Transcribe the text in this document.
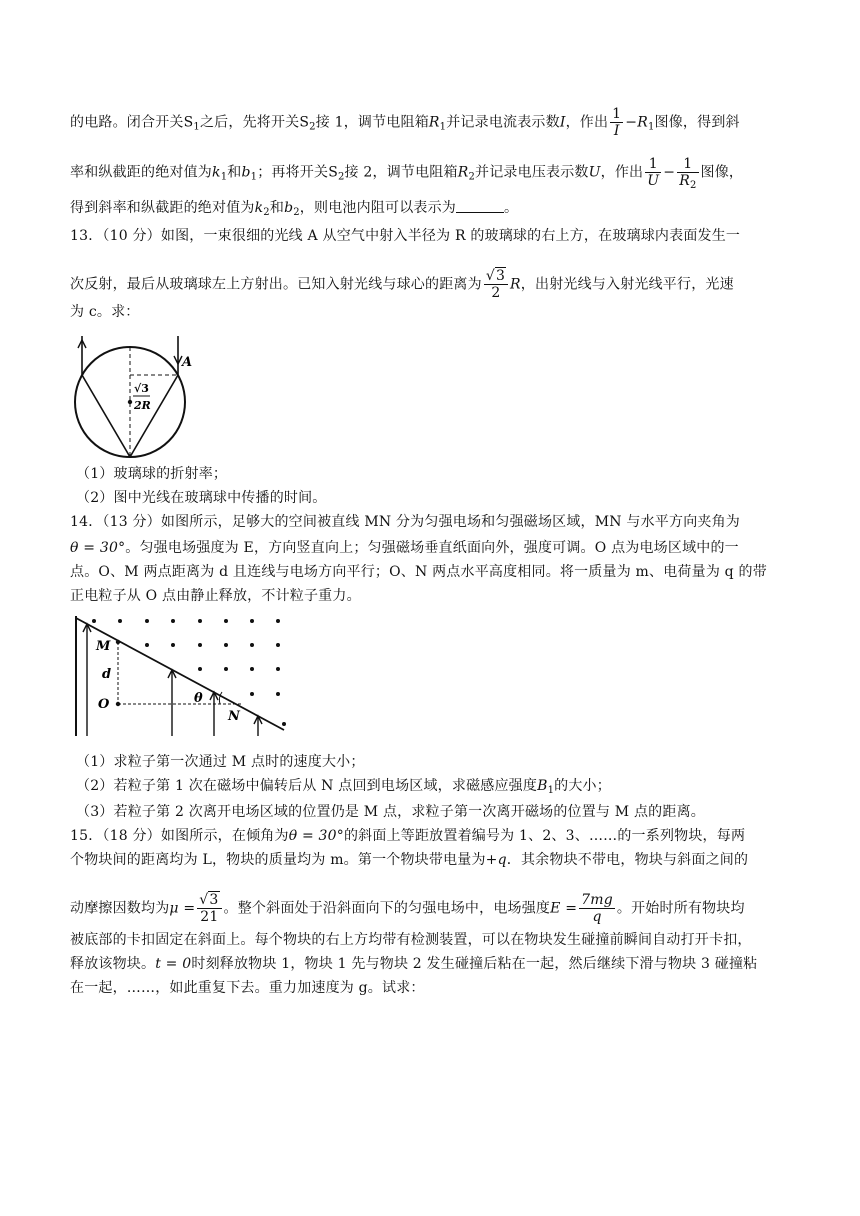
的电路。闭合开关$S_1$之后，先将开关$S_2$接 1，调节电阻箱$R_1$并记录电流表示数I，作出 $\frac{1}{I} -R_1$图像，得到斜
率和纵截距的绝对值为$k_1$和$b_1$；再将开关$S_2$接 2，调节电阻箱$R_2$并记录电压表示数U，作出 $\frac{1}{U} - \frac{1}{R_2}$ 图像，
得到斜率和纵截距的绝对值为$k_2$和$b_2$，则电池内阻可以表示为	。
13．（10 分）如图，一束很细的光线 A 从空气中射入半径为 R 的玻璃球的右上方，在玻璃球内表面发生一
次反射，最后从玻璃球左上方射出。已知入射光线与球心的距离为 $\frac{√3}{2}$ R，出射光线与入射光线平行，光速
为 c。求：
A
√3
2R
（1）玻璃球的折射率；
（2）图中光线在玻璃球中传播的时间。
14．（13 分）如图所示，足够大的空间被直线 MN 分为匀强电场和匀强磁场区域，MN 与水平方向夹角为
θ = 30°。匀强电场强度为 E，方向竖直向上；匀强磁场垂直纸面向外，强度可调。O 点为电场区域中的一
点。O、M 两点距离为 d 且连线与电场方向平行；O、N 两点水平高度相同。将一质量为 m、电荷量为 q 的带
正电粒子从 O 点由静止释放，不计粒子重力。
M
d
O	θ
N
（1）求粒子第一次通过 M 点时的速度大小；
（2）若粒子第 1 次在磁场中偏转后从 N 点回到电场区域，求磁感应强度$B_1$的大小；
（3）若粒子第 2 次离开电场区域的位置仍是 M 点，求粒子第一次离开磁场的位置与 M 点的距离。
15．（18 分）如图所示，在倾角为θ = 30°的斜面上等距放置着编号为 1、2、3、……的一系列物块，每两
个物块间的距离均为 L，物块的质量均为 m。第一个物块带电量为+q．其余物块不带电，物块与斜面之间的
动摩擦因数均为$\mu = \frac{√3}{21}$ 。整个斜面处于沿斜面向下的匀强电场中，电场强度$E = \frac{7mg}{q}$ 。开始时所有物块均
被底部的卡扣固定在斜面上。每个物块的右上方均带有检测装置，可以在物块发生碰撞前瞬间自动打开卡扣，
释放该物块。t = 0时刻释放物块 1，物块 1 先与物块 2 发生碰撞后粘在一起，然后继续下滑与物块 3 碰撞粘
在一起，……，如此重复下去。重力加速度为 g。试求：
